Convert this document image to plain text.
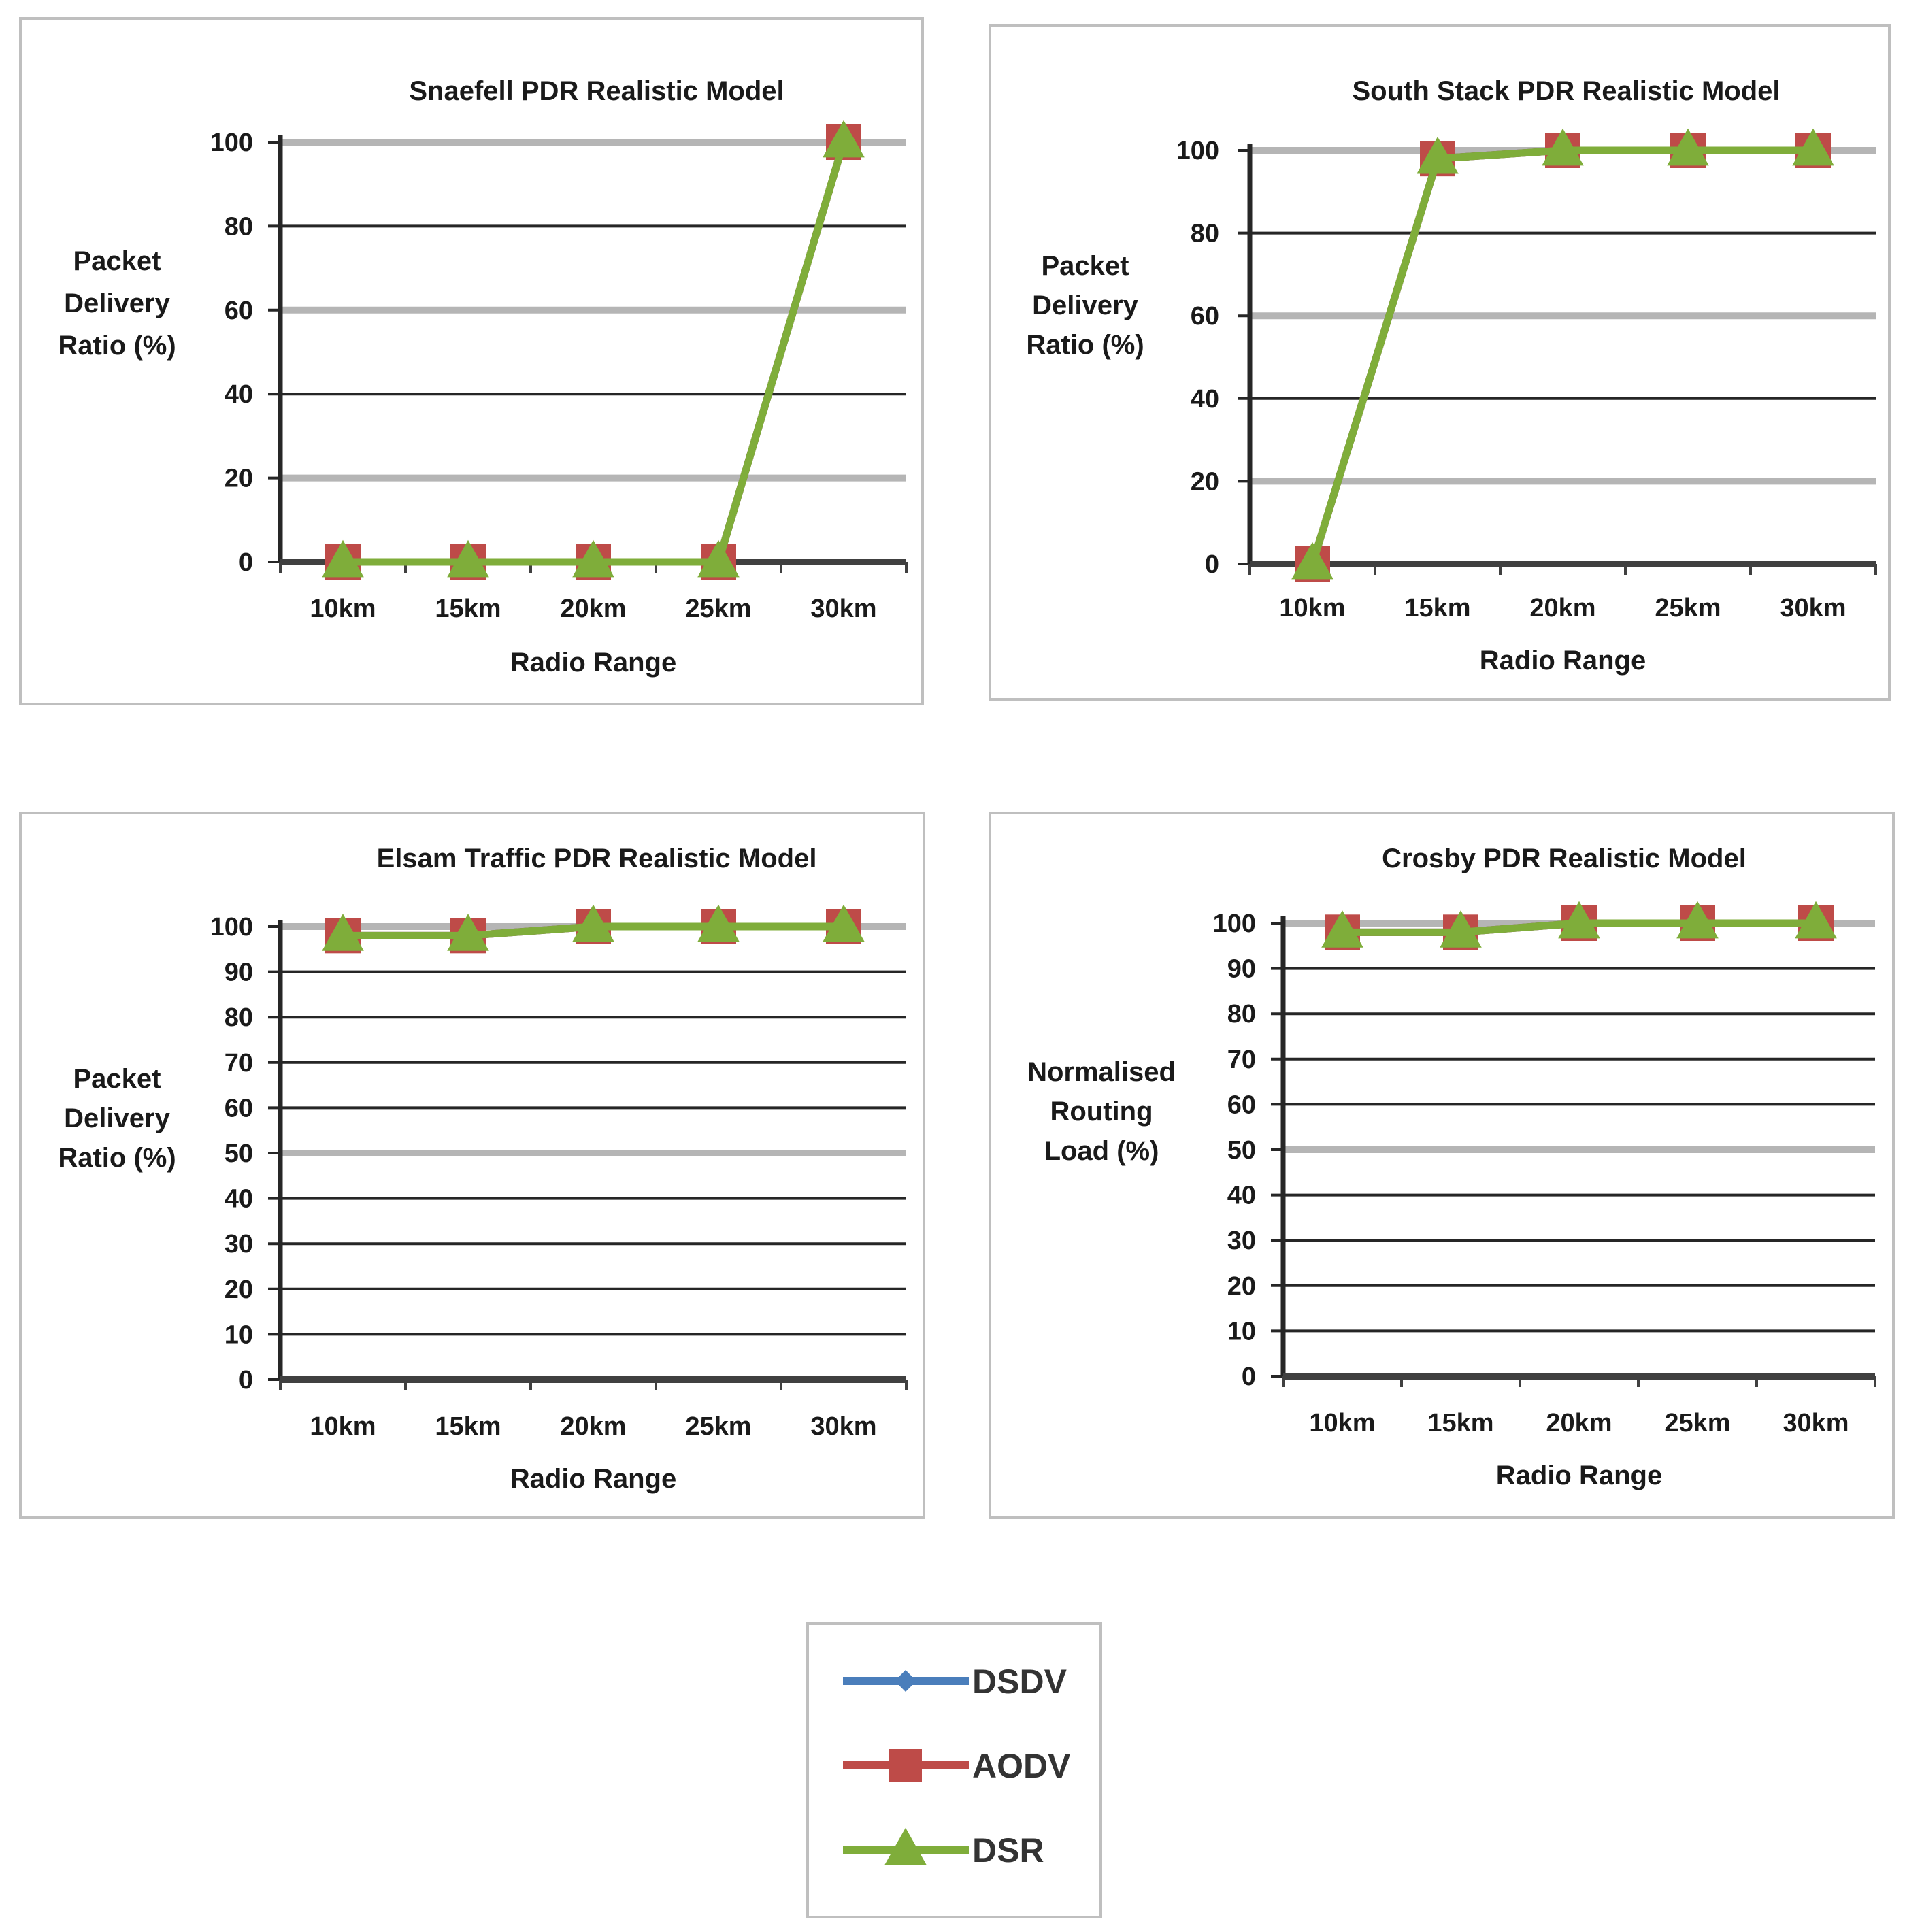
Snaefell PDR Realistic Model
0
20
40
60
80
100
10km 15km 20km 25km 30km
Radio Range
Packet
Delivery
Ratio (%)
South Stack PDR Realistic Model
0
20
40
60
80
100
10km 15km 20km 25km 30km
Radio Range
Packet
Delivery
Ratio (%)
Elsam Traffic PDR Realistic Model
0
10
20
30
40
50
60
70
80
90
100
10km 15km 20km 25km 30km
Radio Range
Packet
Delivery
Ratio (%)
Crosby PDR Realistic Model
0
10
20
30
40
50
60
70
80
90
100
10km 15km 20km 25km 30km
Radio Range
Normalised
Routing
Load (%)
DSDV
AODV
DSR
